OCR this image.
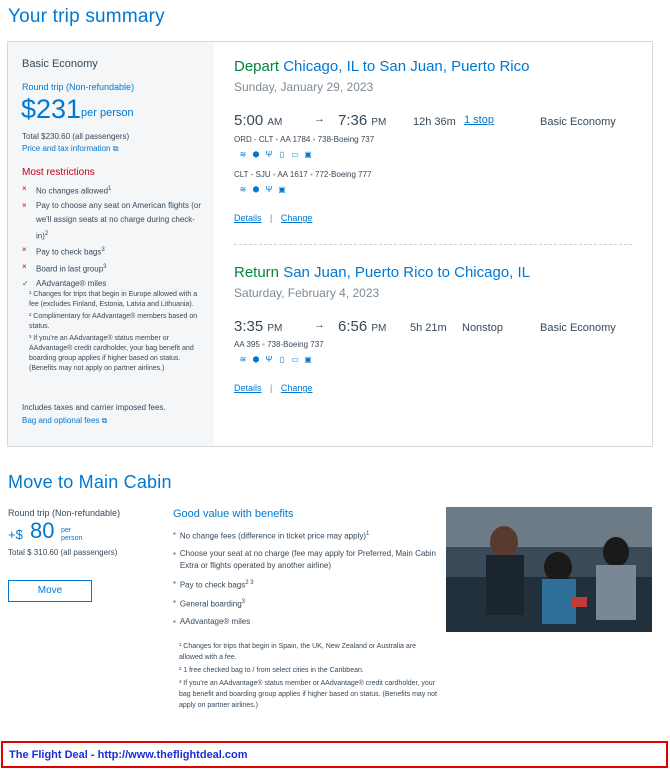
Your trip summary
Basic Economy
Round trip (Non-refundable)
$231 per person
Total $230.60 (all passengers)
Price and tax information ⧉
Most restrictions
×	No changes allowed$^1$
×	Pay to choose any seat on American flights (or we'll assign seats at no charge during check-in)$^2$
×	Pay to check bags$^3$
×	Board in last group$^3$
✓ AAdvantage® miles
¹ Changes for trips that begin in Europe allowed with a fee (excludes Finland, Estonia, Latvia and Lithuania).
² Complimentary for AAdvantage® members based on status.
³ If you're an AAdvantage® status member or AAdvantage® credit cardholder, your bag benefit and boarding group applies if higher based on status. (Benefits may not apply on partner airlines.)
Includes taxes and carrier imposed fees.
Bag and optional fees ⧉
Depart Chicago, IL to San Juan, Puerto Rico
Sunday, January 29, 2023
5:00 AM	→ 7:36 PM 12h 36m 1 stop	Basic Economy
ORD - CLT ▪ AA 1784 ▪ 738-Boeing 737
≋ ⬢ Ψ ▯ ▭ ▣
CLT - SJU ▪ AA 1617 ▪ 772-Boeing 777
≋ ⬢ Ψ ▣
Details | Change
Return San Juan, Puerto Rico to Chicago, IL
Saturday, February 4, 2023
3:35 PM	→ 6:56 PM 5h 21m Nonstop	Basic Economy
AA 395 ▪ 738-Boeing 737
≋ ⬢ Ψ ▯ ▭ ▣
Details | Change
Move to Main Cabin
Round trip (Non-refundable)
+$ 80 per
person
Total $ 310.60 (all passengers)
Move
Good value with benefits
▪ No change fees (difference in ticket price may apply)$^1$
▪ Choose your seat at no charge (fee may apply for Preferred, Main Cabin Extra or flights operated by another airline)
▪ Pay to check bags$^{2 3}$
▪ General boarding$^3$
▪ AAdvantage® miles
¹ Changes for trips that begin in Spain, the UK, New Zealand or Australia are allowed with a fee.
² 1 free checked bag to / from select cities in the Caribbean.
³ If you're an AAdvantage® status member or AAdvantage® credit cardholder, your bag benefit and boarding group applies if higher based on status. (Benefits may not apply on partner airlines.)
The Flight Deal - http://www.theflightdeal.com
